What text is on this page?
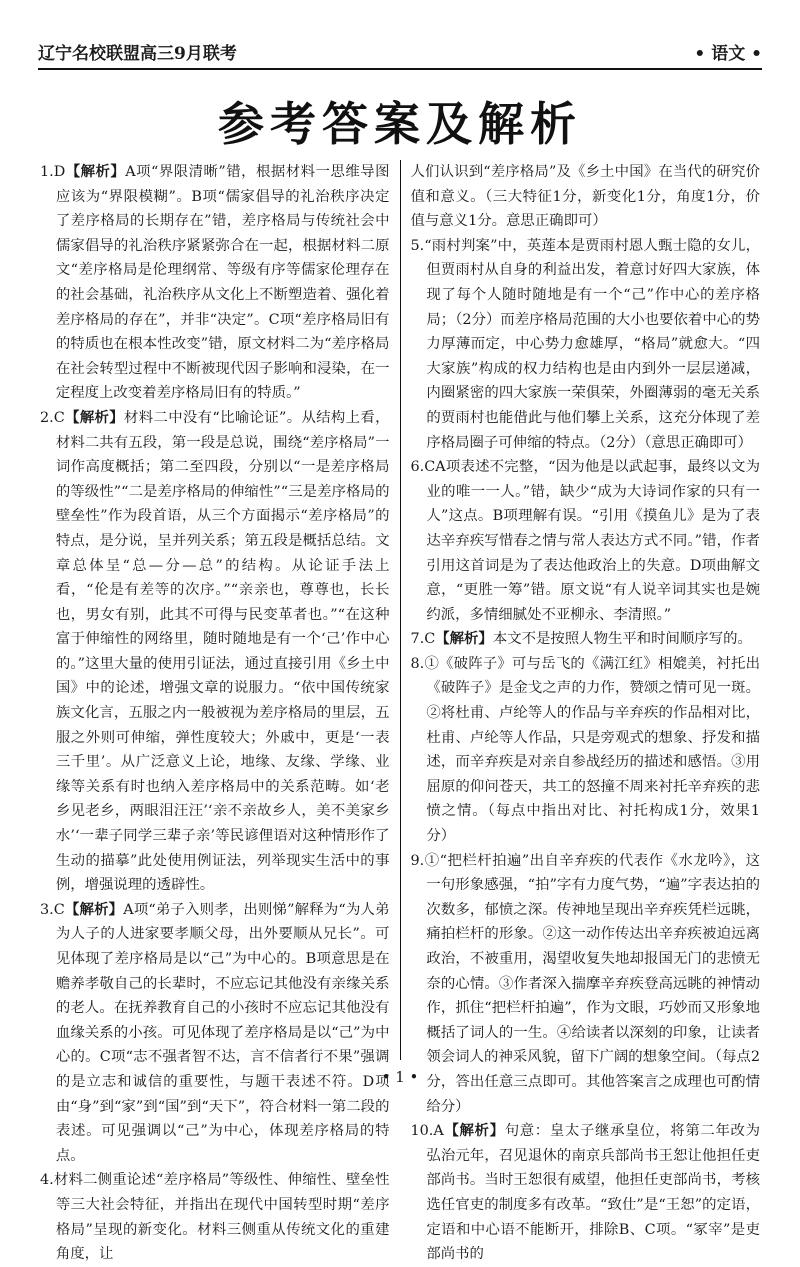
辽宁名校联盟高三9月联考	• 语文 •
参考答案及解析

1.D【解析】A项“界限清晰”错，根据材料一思维导图应该为“界限模糊”。B项“儒家倡导的礼治秩序决定了差序格局的长期存在”错，差序格局与传统社会中儒家倡导的礼治秩序紧紧弥合在一起，根据材料二原文“差序格局是伦理纲常、等级有序等儒家伦理存在的社会基础，礼治秩序从文化上不断塑造着、强化着差序格局的存在”，并非“决定”。C项“差序格局旧有的特质也在根本性改变”错，原文材料二为“差序格局在社会转型过程中不断被现代因子影响和浸染，在一定程度上改变着差序格局旧有的特质。”

2.C【解析】材料二中没有“比喻论证”。从结构上看，材料二共有五段，第一段是总说，围绕“差序格局”一词作高度概括；第二至四段，分别以“一是差序格局的等级性”“二是差序格局的伸缩性”“三是差序格局的壁垒性”作为段首语，从三个方面揭示“差序格局”的特点，是分说，呈并列关系；第五段是概括总结。文章总体呈“总—分—总”的结构。从论证手法上看，“伦是有差等的次序。”“亲亲也，尊尊也，长长也，男女有别，此其不可得与民变革者也。”“在这种富于伸缩性的网络里，随时随地是有一个‘己’作中心的。”这里大量的使用引证法，通过直接引用《乡土中国》中的论述，增强文章的说服力。“依中国传统家族文化言，五服之内一般被视为差序格局的里层，五服之外则可伸缩，弹性度较大；外戚中，更是‘一表三千里’。从广泛意义上论，地缘、友缘、学缘、业缘等关系有时也纳入差序格局中的关系范畴。如‘老乡见老乡，两眼泪汪汪’‘亲不亲故乡人，美不美家乡水’‘一辈子同学三辈子亲’等民谚俚语对这种情形作了生动的描摹”此处使用例证法，列举现实生活中的事例，增强说理的透辟性。

3.C【解析】A项“弟子入则孝，出则悌”解释为“为人弟为人子的人进家要孝顺父母，出外要顺从兄长”。可见体现了差序格局是以“己”为中心的。B项意思是在赡养孝敬自己的长辈时，不应忘记其他没有亲缘关系的老人。在抚养教育自己的小孩时不应忘记其他没有血缘关系的小孩。可见体现了差序格局是以“己”为中心的。C项“志不强者智不达，言不信者行不果”强调的是立志和诚信的重要性，与题干表述不符。D项由“身”到“家”到“国”到“天下”，符合材料一第二段的表述。可见强调以“己”为中心，体现差序格局的特点。

4.材料二侧重论述“差序格局”等级性、伸缩性、壁垒性等三大社会特征，并指出在现代中国转型时期“差序格局”呈现的新变化。材料三侧重从传统文化的重建角度，让

人们认识到“差序格局”及《乡土中国》在当代的研究价值和意义。（三大特征1分，新变化1分，角度1分，价值与意义1分。意思正确即可）

5.“雨村判案”中，英莲本是贾雨村恩人甄士隐的女儿，但贾雨村从自身的利益出发，着意讨好四大家族，体现了每个人随时随地是有一个“己”作中心的差序格局；（2分）而差序格局范围的大小也要依着中心的势力厚薄而定，中心势力愈雄厚，“格局”就愈大。“四大家族”构成的权力结构也是由内到外一层层递减，内圈紧密的四大家族一荣俱荣，外圈薄弱的毫无关系的贾雨村也能借此与他们攀上关系，这充分体现了差序格局圈子可伸缩的特点。（2分）（意思正确即可）

6.CA项表述不完整，“因为他是以武起事，最终以文为业的唯一一人。”错，缺少“成为大诗词作家的只有一人”这点。B项理解有误。“引用《摸鱼儿》是为了表达辛弃疾写惜春之情与常人表达方式不同。”错，作者引用这首词是为了表达他政治上的失意。D项曲解文意，“更胜一筹”错。原文说“有人说辛词其实也是婉约派，多情细腻处不亚柳永、李清照。”

7.C【解析】本文不是按照人物生平和时间顺序写的。

8.①《破阵子》可与岳飞的《满江红》相媲美，衬托出《破阵子》是金戈之声的力作，赞颂之情可见一斑。②将杜甫、卢纶等人的作品与辛弃疾的作品相对比，杜甫、卢纶等人作品，只是旁观式的想象、抒发和描述，而辛弃疾是对亲自参战经历的描述和感悟。③用屈原的仰问苍天，共工的怒撞不周来衬托辛弃疾的悲愤之情。（每点中指出对比、衬托构成1分，效果1分）

9.①“把栏杆拍遍”出自辛弃疾的代表作《水龙吟》，这一句形象感强，“拍”字有力度气势，“遍”字表达拍的次数多，郁愤之深。传神地呈现出辛弃疾凭栏远眺，痛拍栏杆的形象。②这一动作传达出辛弃疾被迫远离政治，不被重用，渴望收复失地却报国无门的悲愤无奈的心情。③作者深入揣摩辛弃疾登高远眺的神情动作，抓住“把栏杆拍遍”，作为文眼，巧妙而又形象地概括了词人的一生。④给读者以深刻的印象，让读者领会词人的神采风貌，留下广阔的想象空间。（每点2分，答出任意三点即可。其他答案言之成理也可酌情给分）

10.A【解析】句意：皇太子继承皇位，将第二年改为弘治元年，召见退休的南京兵部尚书王恕让他担任吏部尚书。当时王恕很有威望，他担任吏部尚书，考核选任官吏的制度多有改革。“致仕”是“王恕”的定语，定语和中心语不能断开，排除B、C项。“冢宰”是吏部尚书的

• 1 •
